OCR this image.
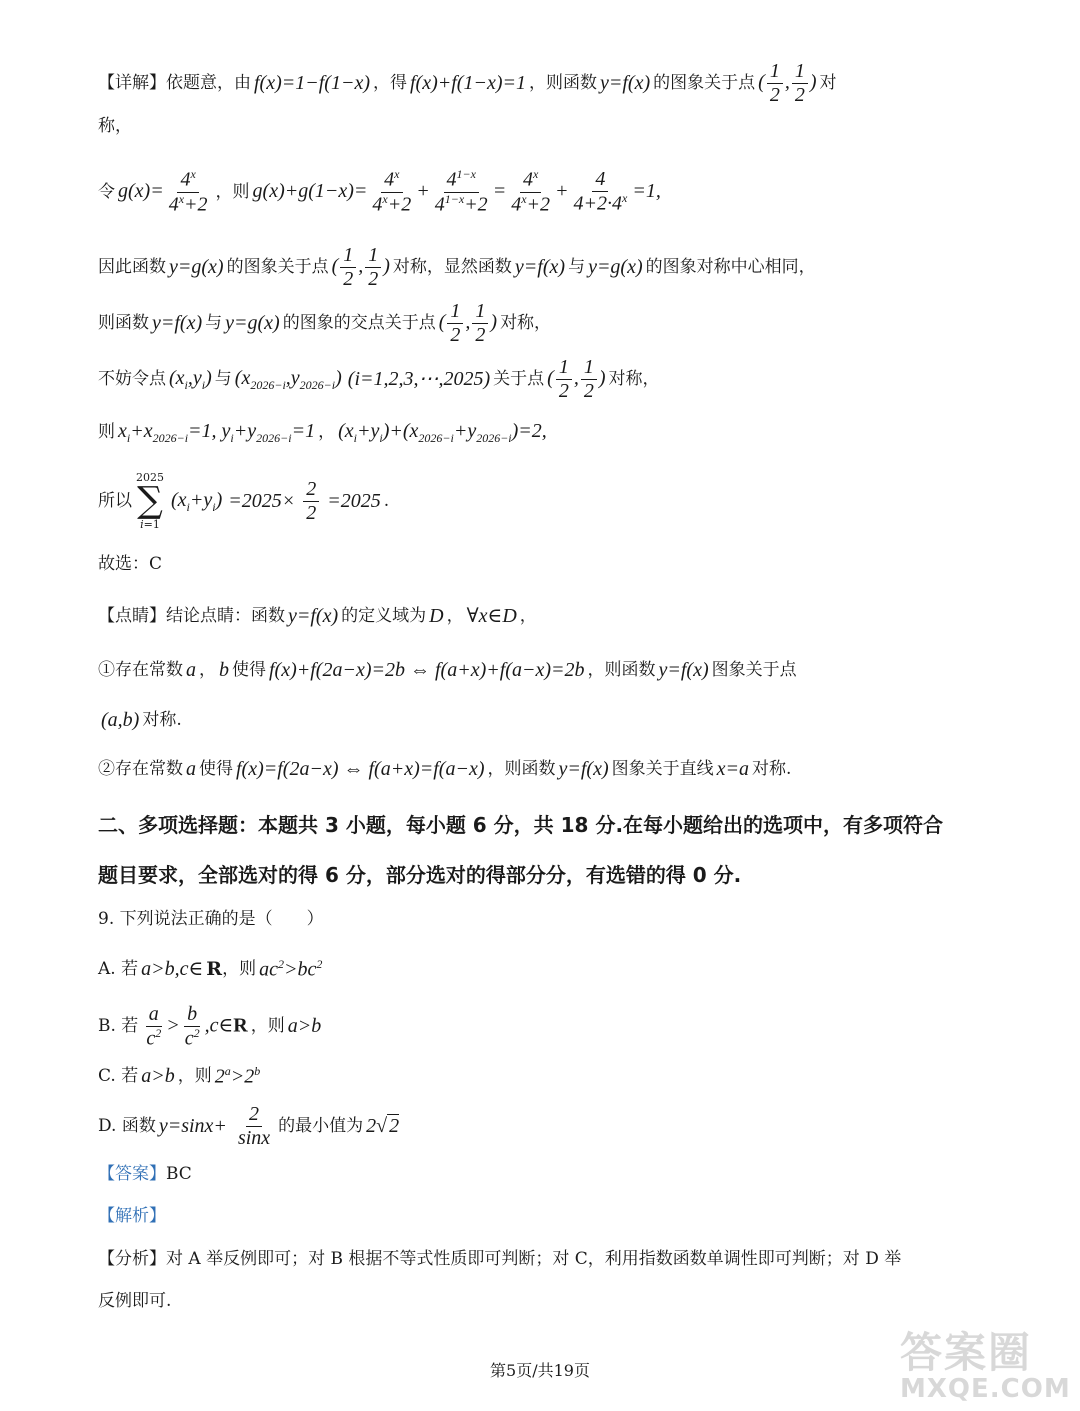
【详解】依题意，由 f(x)=1−f(1−x) ，得 f(x)+f(1−x)=1 ，则函数 y=f(x) 的图象关于点 ( $\frac{1}{2}$ , $\frac{1}{2}$ ) 对
称，
令 $g(x)= \frac{4^x}{4^x+2}$ ，则 $g(x)+g(1-x)= \frac{4^x}{4^x+2} + \frac{4^{1-x}}{4^{1-x}+2} = \frac{4^x}{4^x+2} + \frac{4}{4+2\cdot 4^x} =1$,
因此函数 y=g(x) 的图象关于点 ( $\frac{1}{2}$ , $\frac{1}{2}$ ) 对称，显然函数 y=f(x) 与 y=g(x) 的图象对称中心相同，
则函数 y=f(x) 与 y=g(x) 的图象的交点关于点 ( $\frac{1}{2}$ , $\frac{1}{2}$ ) 对称，
不妨令点 $(x_i,y_i)$ 与 $(x_{2026-i},y_{2026-i})$ (i=1,2,3,⋯,2025) 关于点 ( $\frac{1}{2}$ , $\frac{1}{2}$ ) 对称，
则 $x_i+x_{2026-i}=1$, $y_i+y_{2026-i}=1$ ， $(x_i+y_i)+(x_{2026-i}+y_{2026-i})=2$,
所以
2025
∑
i=1
$(x_i+y_i) =2025\times \frac{2}{2} =2025$ .
故选：C
【点睛】结论点睛：函数 y=f(x) 的定义域为 D ， ∀x∈D ，
①存在常数 a ， b 使得 f(x)+f(2a−x)=2b ⇔ f(a+x)+f(a−x)=2b ，则函数 y=f(x) 图象关于点
(a,b) 对称.
②存在常数 a 使得 f(x)=f(2a−x) ⇔ f(a+x)=f(a−x) ，则函数 y=f(x) 图象关于直线 x=a 对称.
二、多项选择题：本题共 3 小题，每小题 6 分，共 18 分.在每小题给出的选项中，有多项符合
题目要求，全部选对的得 6 分，部分选对的得部分分，有选错的得 0 分.
9. 下列说法正确的是（　　）
A. 若 a>b,c∈ R ，则 $ac^2>bc^2$
B. 若 $\frac{a}{c^2} > \frac{b}{c^2}$ ,c∈R ，则 a>b
C. 若 a>b ，则 $2^a>2^b$
D. 函数 $y=\sin x+ \frac{2}{\sin x}$ 的最小值为 2√ 2
【答案】 BC
【解析】
【分析】对 A 举反例即可；对 B 根据不等式性质即可判断；对 C，利用指数函数单调性即可判断；对 D 举
反例即可.
第5页/共19页	答案圈
MXQE.COM
